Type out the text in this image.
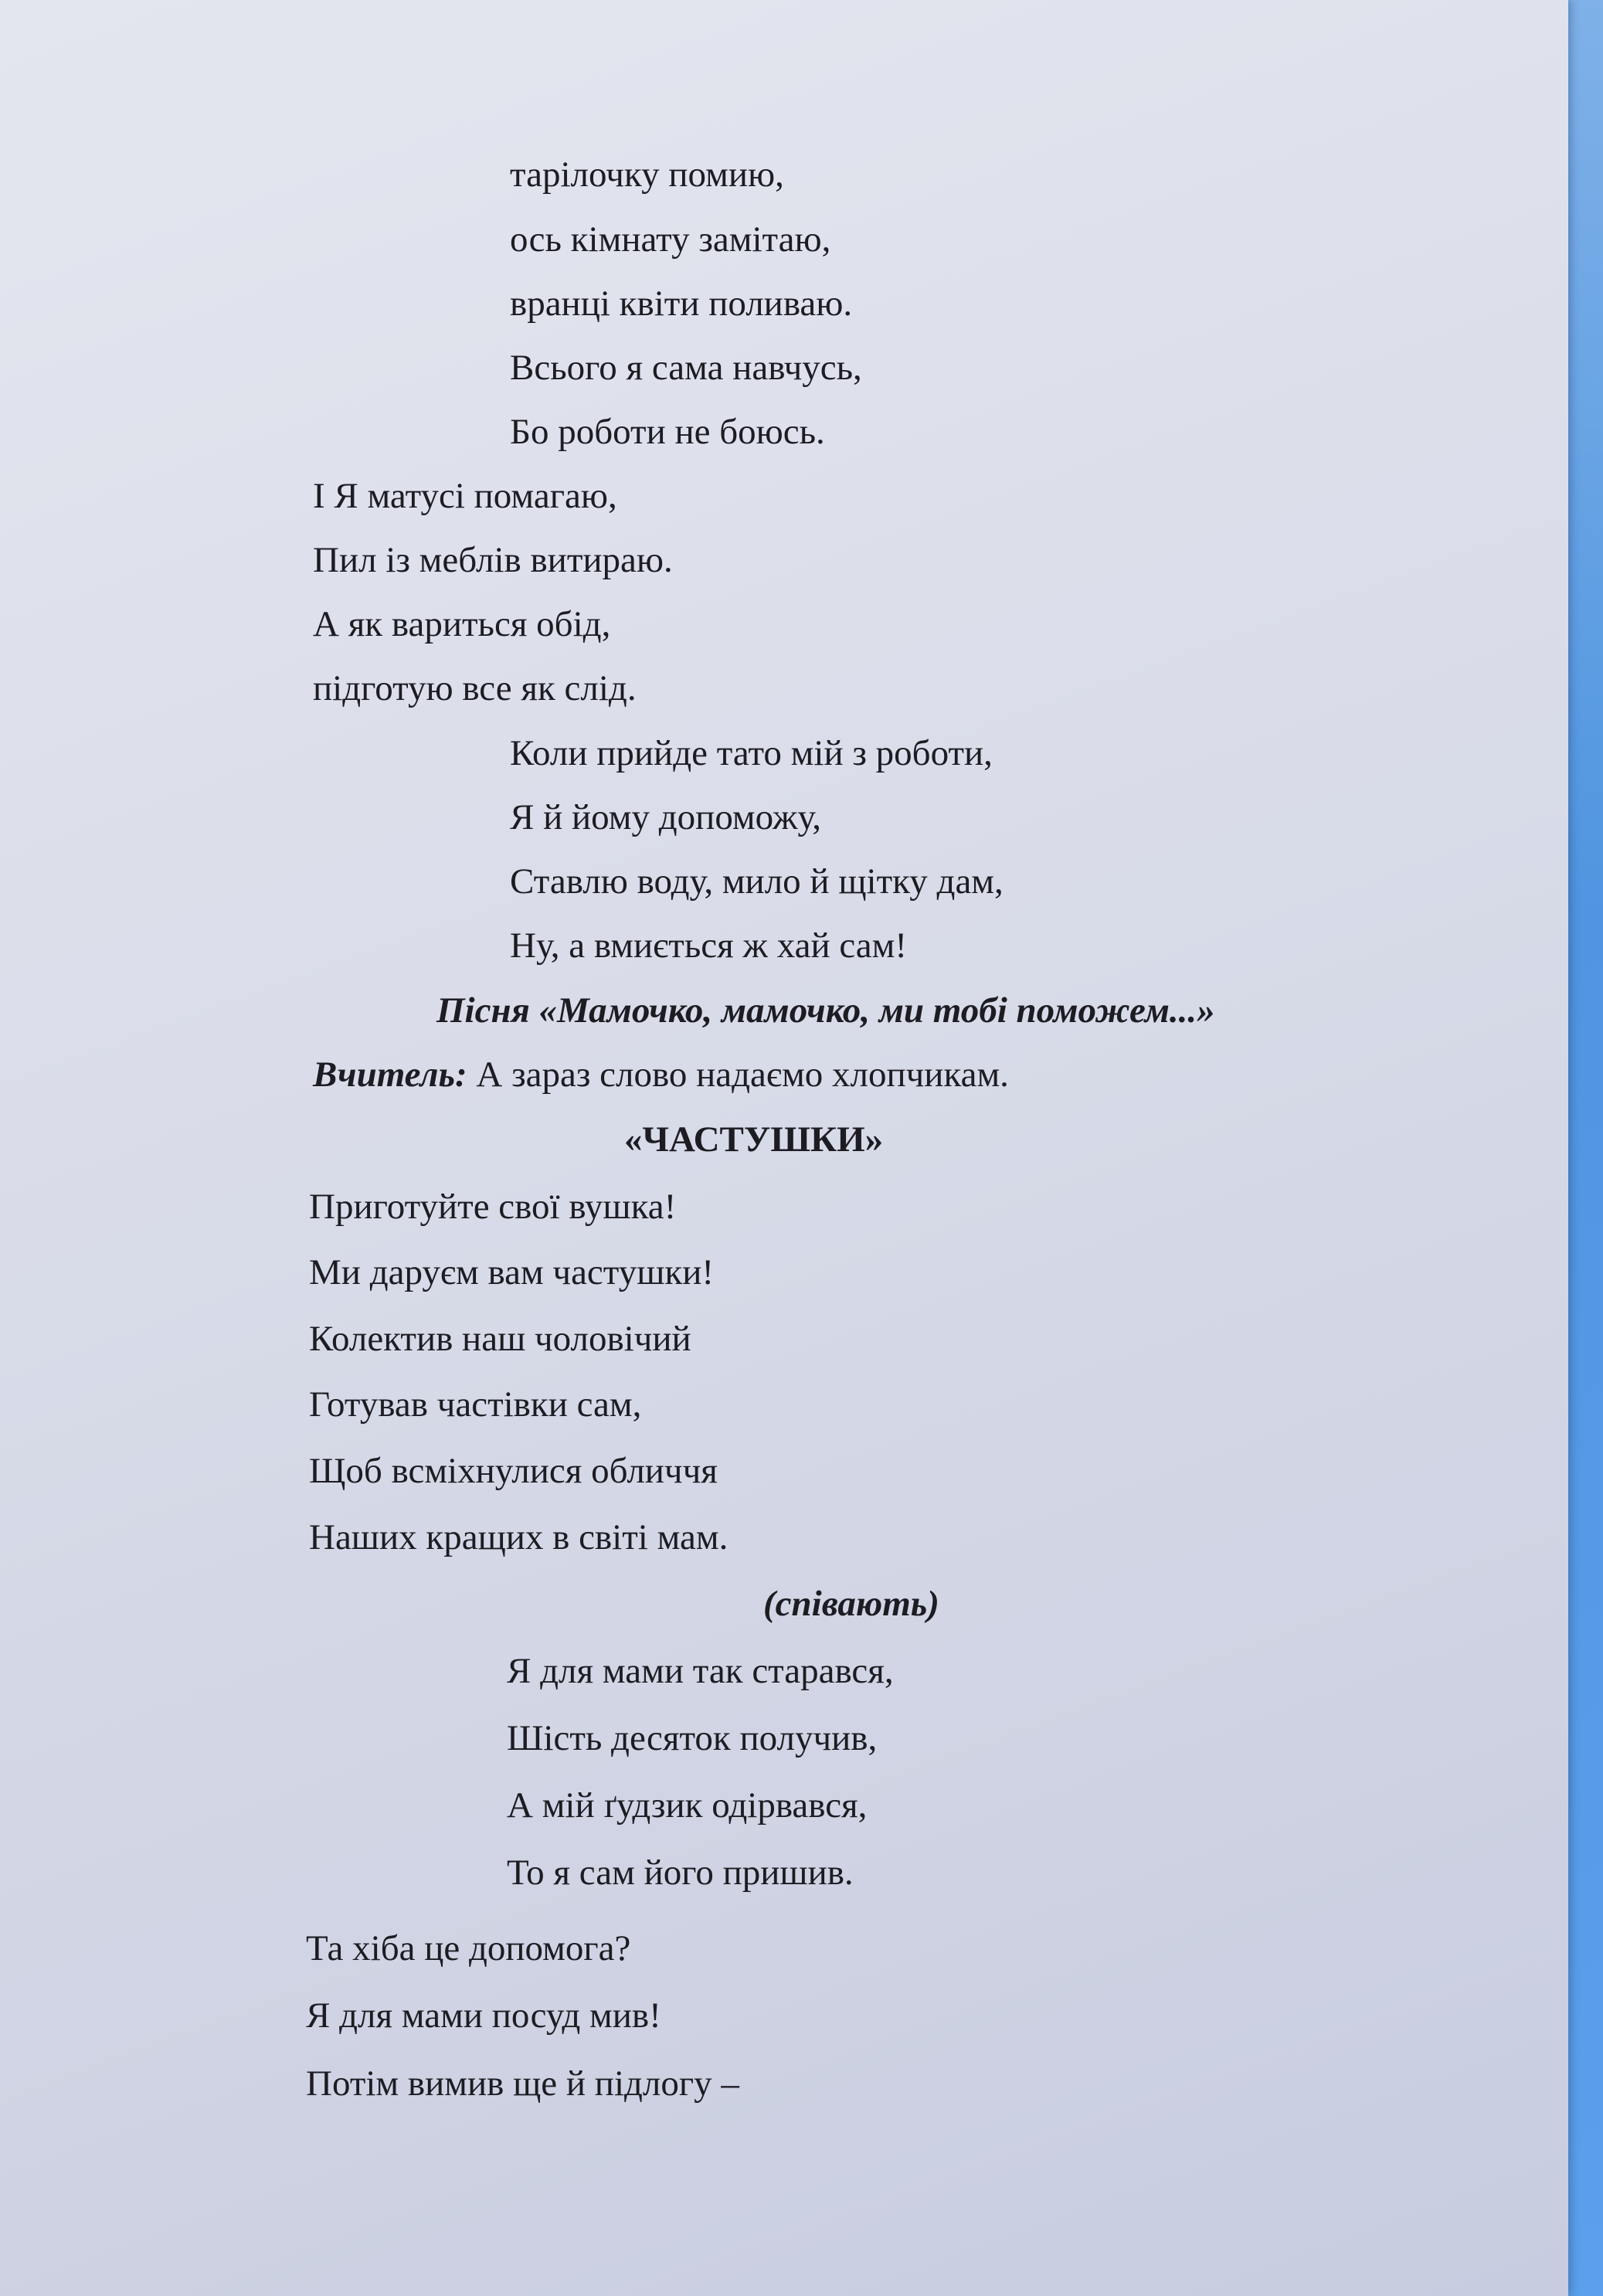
тарілочку помию,
ось кімнату замітаю,
вранці квіти поливаю.
Всього я сама навчусь,
Бо роботи не боюсь.
І Я матусі помагаю,
Пил із меблів витираю.
А як вариться обід,
підготую все як слід.
Коли прийде тато мій з роботи,
Я й йому допоможу,
Ставлю воду, мило й щітку дам,
Ну, а вмиється ж хай сам!
Пісня «Мамочко, мамочко, ми тобі поможем...»
Вчитель: А зараз слово надаємо хлопчикам.
«ЧАСТУШКИ»
Приготуйте свої вушка!
Ми даруєм вам частушки!
Колектив наш чоловічий
Готував частівки сам,
Щоб всміхнулися обличчя
Наших кращих в світі мам.
(співають)
Я для мами так старався,
Шість десяток получив,
А мій ґудзик одірвався,
То я сам його пришив.
Та хіба це допомога?
Я для мами посуд мив!
Потім вимив ще й підлогу –
